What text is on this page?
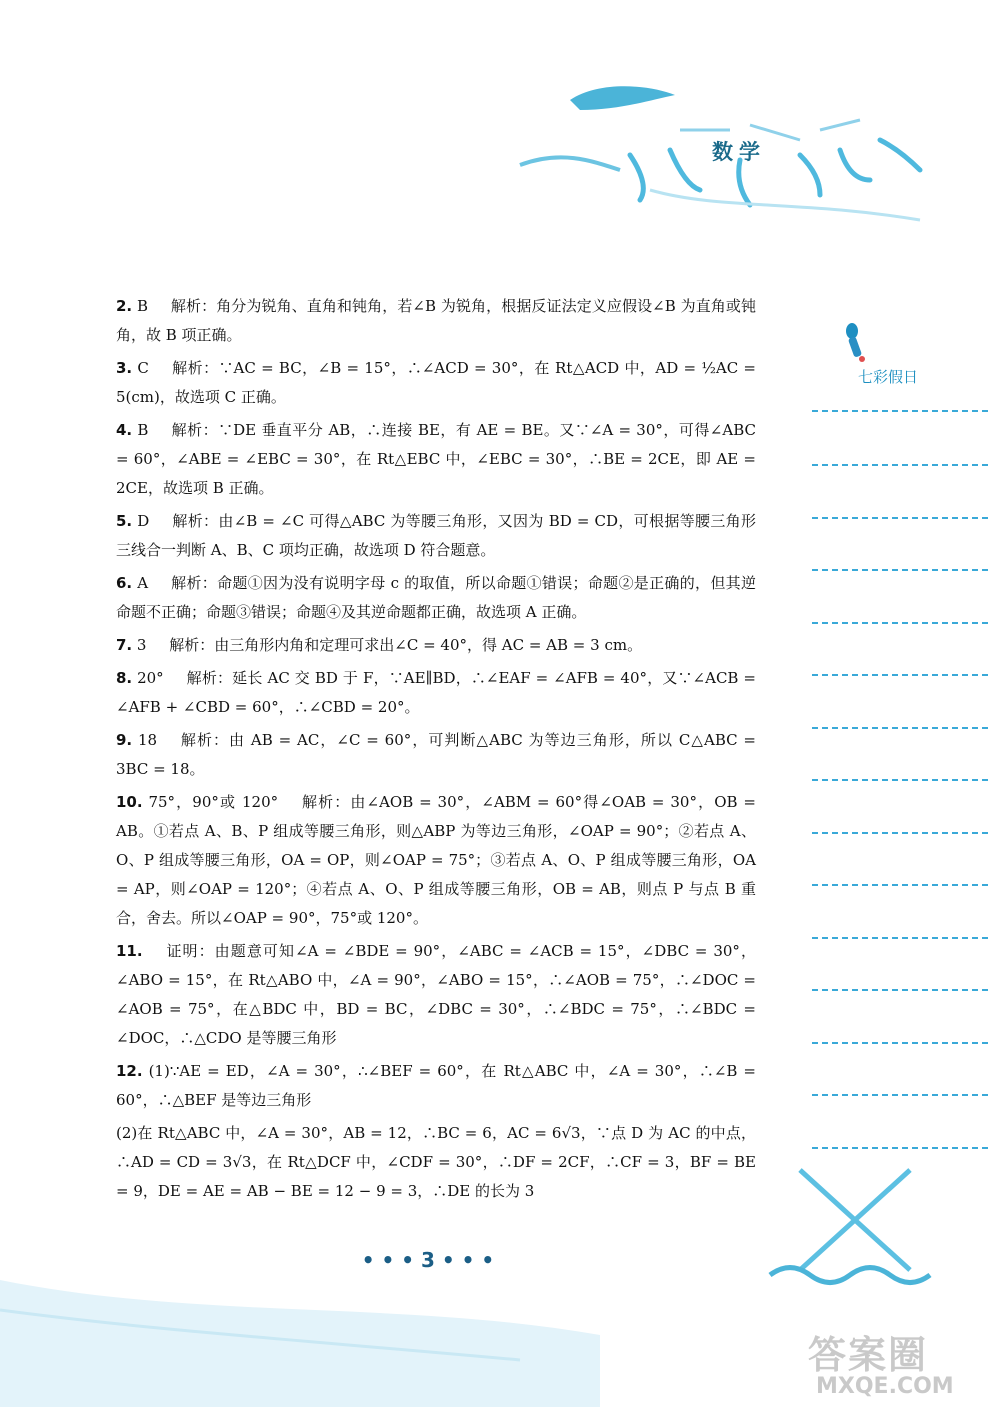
数学
七彩假日
2. B 解析：角分为锐角、直角和钝角，若∠B 为锐角，根据反证法定义应假设∠B 为直角或钝角，故 B 项正确。
3. C 解析：∵AC = BC，∠B = 15°，∴∠ACD = 30°，在 Rt△ACD 中，AD = ½AC = 5(cm)，故选项 C 正确。
4. B 解析：∵DE 垂直平分 AB，∴连接 BE，有 AE = BE。又∵∠A = 30°，可得∠ABC = 60°，∠ABE = ∠EBC = 30°，在 Rt△EBC 中，∠EBC = 30°，∴BE = 2CE，即 AE = 2CE，故选项 B 正确。
5. D 解析：由∠B = ∠C 可得△ABC 为等腰三角形，又因为 BD = CD，可根据等腰三角形三线合一判断 A、B、C 项均正确，故选项 D 符合题意。
6. A 解析：命题①因为没有说明字母 c 的取值，所以命题①错误；命题②是正确的，但其逆命题不正确；命题③错误；命题④及其逆命题都正确，故选项 A 正确。
7. 3 解析：由三角形内角和定理可求出∠C = 40°，得 AC = AB = 3 cm。
8. 20° 解析：延长 AC 交 BD 于 F，∵AE∥BD，∴∠EAF = ∠AFB = 40°，又∵∠ACB = ∠AFB + ∠CBD = 60°，∴∠CBD = 20°。
9. 18 解析：由 AB = AC，∠C = 60°，可判断△ABC 为等边三角形，所以 C△ABC = 3BC = 18。
10. 75°，90°或 120° 解析：由∠AOB = 30°，∠ABM = 60°得∠OAB = 30°，OB = AB。①若点 A、B、P 组成等腰三角形，则△ABP 为等边三角形，∠OAP = 90°；②若点 A、O、P 组成等腰三角形，OA = OP，则∠OAP = 75°；③若点 A、O、P 组成等腰三角形，OA = AP，则∠OAP = 120°；④若点 A、O、P 组成等腰三角形，OB = AB，则点 P 与点 B 重合，舍去。所以∠OAP = 90°，75°或 120°。
11. 证明：由题意可知∠A = ∠BDE = 90°，∠ABC = ∠ACB = 15°，∠DBC = 30°，∠ABO = 15°，在 Rt△ABO 中，∠A = 90°，∠ABO = 15°，∴∠AOB = 75°，∴∠DOC = ∠AOB = 75°，在△BDC 中，BD = BC，∠DBC = 30°，∴∠BDC = 75°，∴∠BDC = ∠DOC，∴△CDO 是等腰三角形
12. (1)∵AE = ED，∠A = 30°，∴∠BEF = 60°，在 Rt△ABC 中，∠A = 30°，∴∠B = 60°，∴△BEF 是等边三角形
(2)在 Rt△ABC 中，∠A = 30°，AB = 12，∴BC = 6，AC = 6√3，∵点 D 为 AC 的中点，∴AD = CD = 3√3，在 Rt△DCF 中，∠CDF = 30°，∴DF = 2CF，∴CF = 3，BF = BE = 9，DE = AE = AB − BE = 12 − 9 = 3，∴DE 的长为 3
• • • 3 • • •
答案圈
MXQE.COM
